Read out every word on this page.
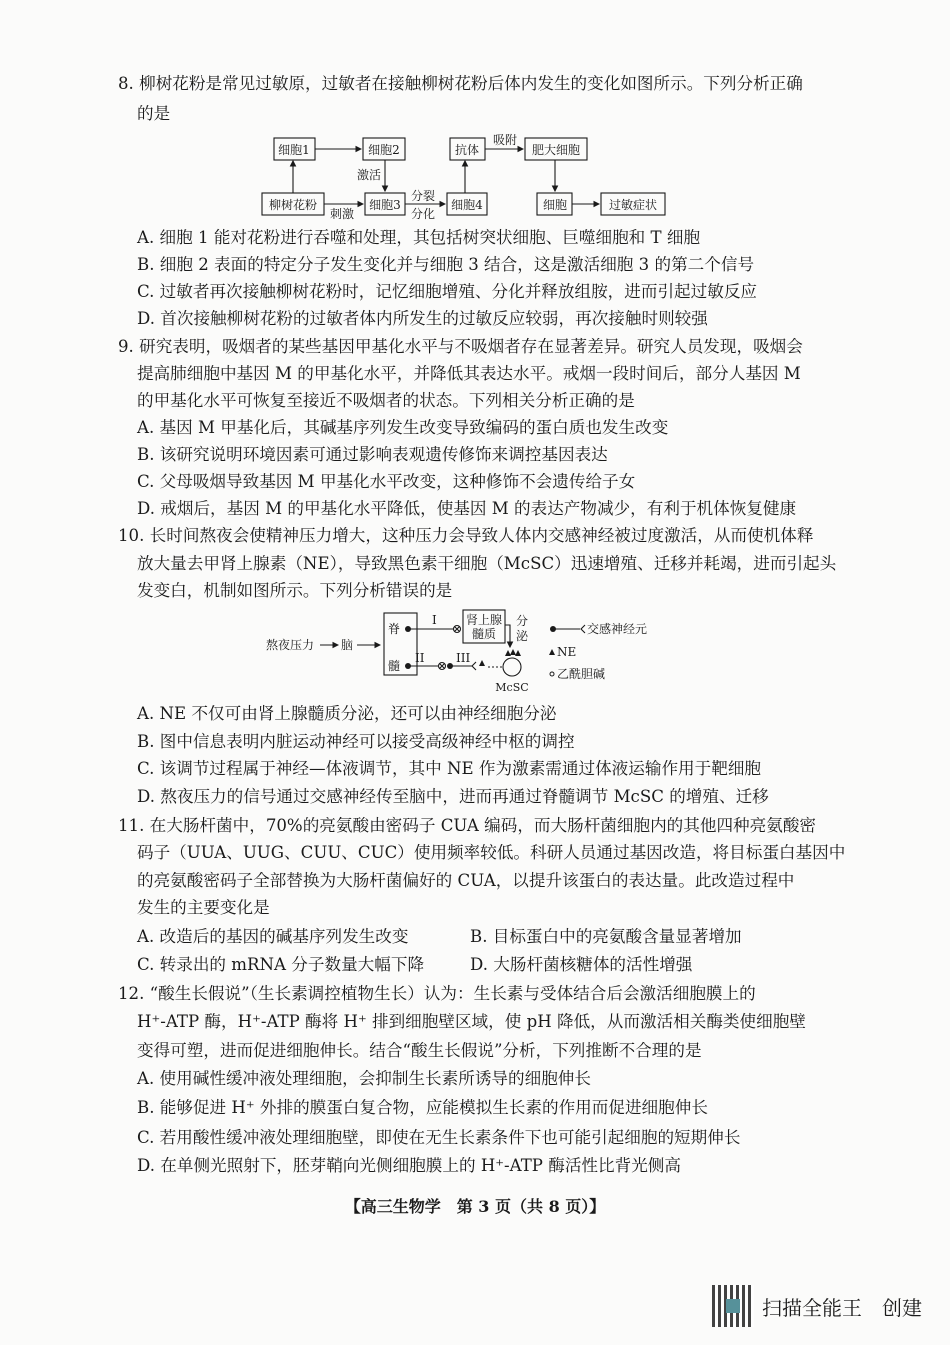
8. 柳树花粉是常见过敏原，过敏者在接触柳树花粉后体内发生的变化如图所示。下列分析正确
的是
细胞1	细胞2
柳树花粉	细胞3	细胞4
抗体	肥大细胞
细胞	过敏症状
激活
刺激
分裂
分化
吸附
A. 细胞 1 能对花粉进行吞噬和处理，其包括树突状细胞、巨噬细胞和 T 细胞
B. 细胞 2 表面的特定分子发生变化并与细胞 3 结合，这是激活细胞 3 的第二个信号
C. 过敏者再次接触柳树花粉时，记忆细胞增殖、分化并释放组胺，进而引起过敏反应
D. 首次接触柳树花粉的过敏者体内所发生的过敏反应较弱，再次接触时则较强
9. 研究表明，吸烟者的某些基因甲基化水平与不吸烟者存在显著差异。研究人员发现，吸烟会
提高肺细胞中基因 M 的甲基化水平，并降低其表达水平。戒烟一段时间后，部分人基因 M
的甲基化水平可恢复至接近不吸烟者的状态。下列相关分析正确的是
A. 基因 M 甲基化后，其碱基序列发生改变导致编码的蛋白质也发生改变
B. 该研究说明环境因素可通过影响表观遗传修饰来调控基因表达
C. 父母吸烟导致基因 M 甲基化水平改变，这种修饰不会遗传给子女
D. 戒烟后，基因 M 的甲基化水平降低，使基因 M 的表达产物减少，有利于机体恢复健康
10. 长时间熬夜会使精神压力增大，这种压力会导致人体内交感神经被过度激活，从而使机体释
放大量去甲肾上腺素（NE），导致黑色素干细胞（McSC）迅速增殖、迁移并耗竭，进而引起头
发变白，机制如图所示。下列分析错误的是
熬夜压力 脑
脊
髓
肾上腺
髓质
分
泌
I
II	III
McSC
交感神经元
NE
乙酰胆碱
A. NE 不仅可由肾上腺髓质分泌，还可以由神经细胞分泌
B. 图中信息表明内脏运动神经可以接受高级神经中枢的调控
C. 该调节过程属于神经—体液调节，其中 NE 作为激素需通过体液运输作用于靶细胞
D. 熬夜压力的信号通过交感神经传至脑中，进而再通过脊髓调节 McSC 的增殖、迁移
11. 在大肠杆菌中，70%的亮氨酸由密码子 CUA 编码，而大肠杆菌细胞内的其他四种亮氨酸密
码子（UUA、UUG、CUU、CUC）使用频率较低。科研人员通过基因改造，将目标蛋白基因中
的亮氨酸密码子全部替换为大肠杆菌偏好的 CUA，以提升该蛋白的表达量。此改造过程中
发生的主要变化是
A. 改造后的基因的碱基序列发生改变	B. 目标蛋白中的亮氨酸含量显著增加
C. 转录出的 mRNA 分子数量大幅下降	D. 大肠杆菌核糖体的活性增强
12. “酸生长假说”（生长素调控植物生长）认为：生长素与受体结合后会激活细胞膜上的
H⁺-ATP 酶，H⁺-ATP 酶将 H⁺ 排到细胞壁区域，使 pH 降低，从而激活相关酶类使细胞壁
变得可塑，进而促进细胞伸长。结合“酸生长假说”分析，下列推断不合理的是
A. 使用碱性缓冲液处理细胞，会抑制生长素所诱导的细胞伸长
B. 能够促进 H⁺ 外排的膜蛋白复合物，应能模拟生长素的作用而促进细胞伸长
C. 若用酸性缓冲液处理细胞壁，即使在无生长素条件下也可能引起细胞的短期伸长
D. 在单侧光照射下，胚芽鞘向光侧细胞膜上的 H⁺-ATP 酶活性比背光侧高
【高三生物学　第 3 页（共 8 页）】
扫描全能王　创建
